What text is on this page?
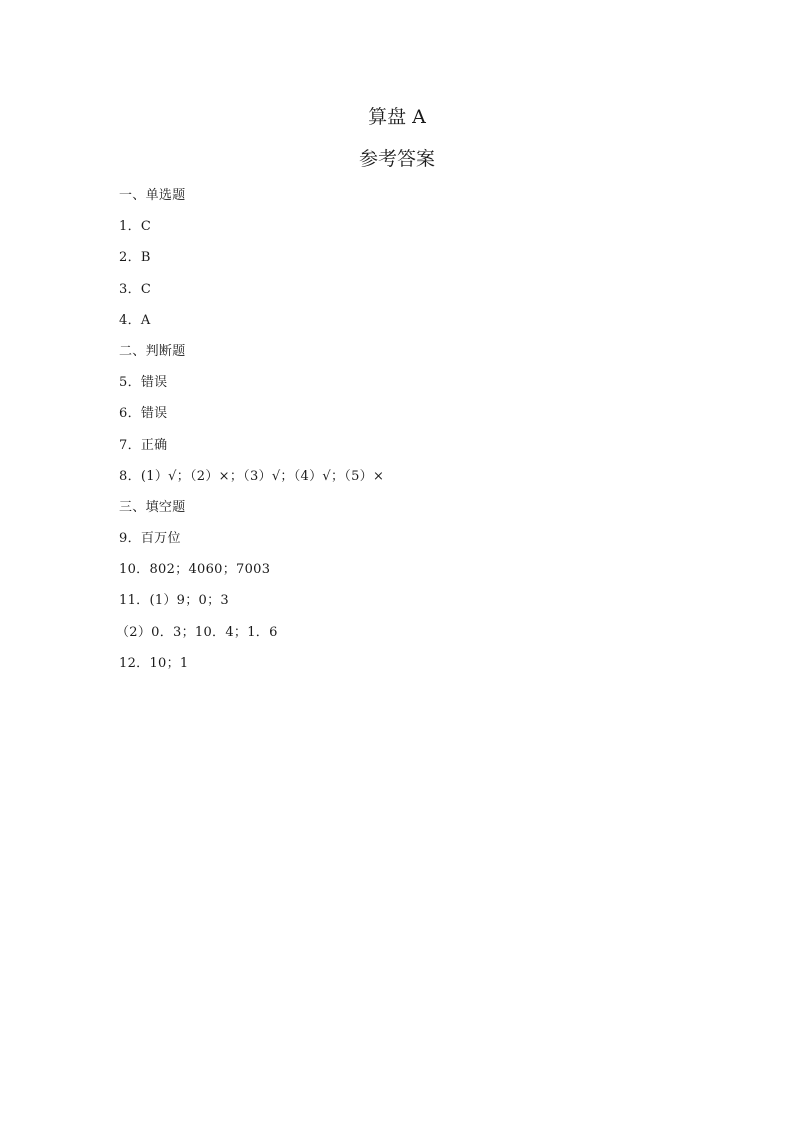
算盘 A
参考答案
一、单选题
1．C
2．B
3．C
4．A
二、判断题
5．错误
6．错误
7．正确
8．(1）√；（2）×；（3）√；（4）√；（5）×
三、填空题
9．百万位
10．802；4060；7003
11．(1）9；0；3
（2）0．3；10．4；1．6
12．10；1
